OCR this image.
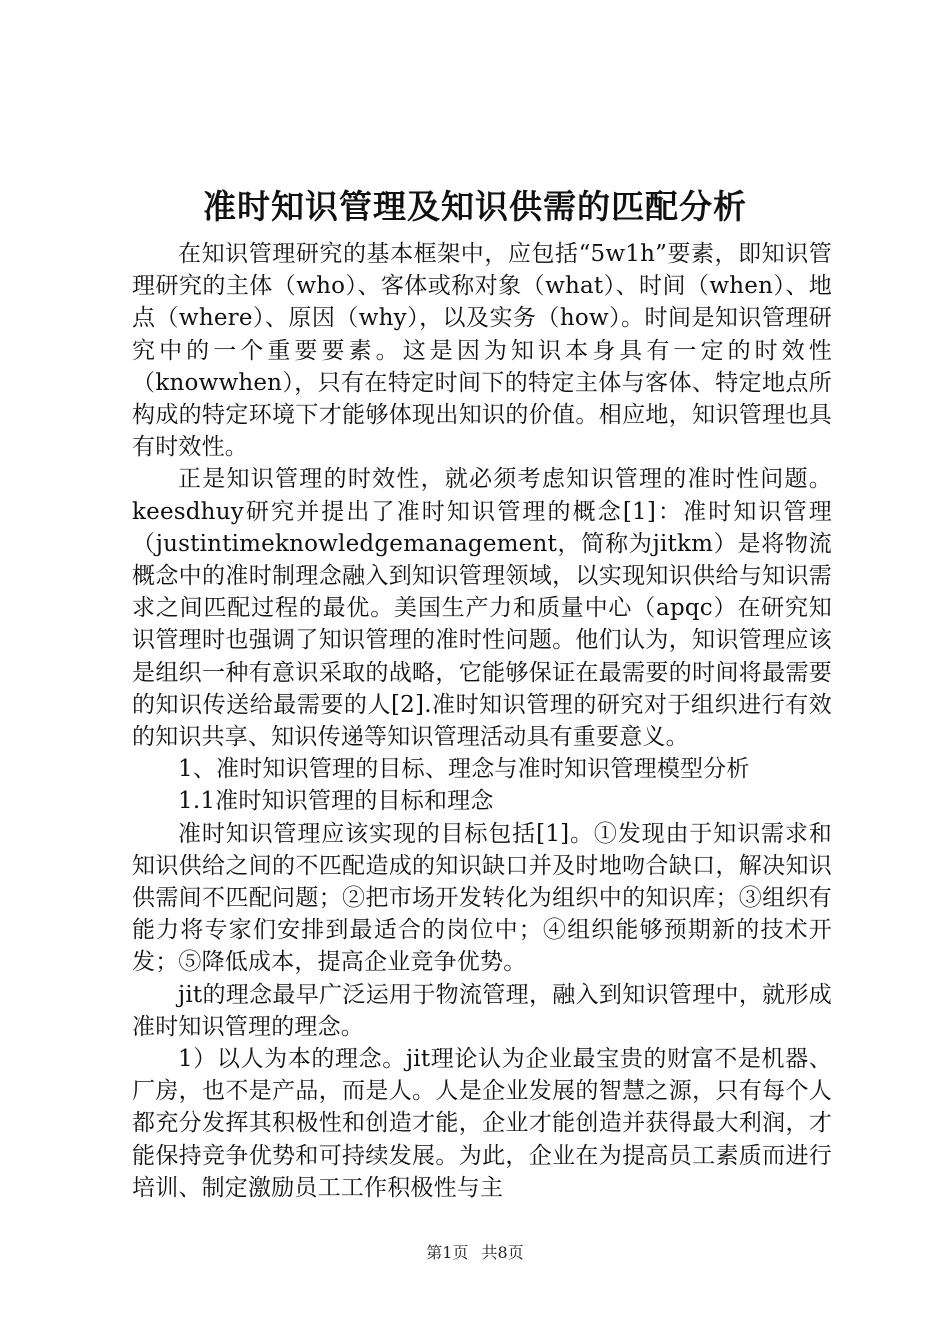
准时知识管理及知识供需的匹配分析

在知识管理研究的基本框架中，应包括“5w1h”要素，即知识管理研究的主体（who）、客体或称对象（what）、时间（when）、地点（where）、原因（why），以及实务（how）。时间是知识管理研究中的一个重要要素。这是因为知识本身具有一定的时效性（knowwhen），只有在特定时间下的特定主体与客体、特定地点所构成的特定环境下才能够体现出知识的价值。相应地，知识管理也具有时效性。

正是知识管理的时效性，就必须考虑知识管理的准时性问题。keesdhuy研究并提出了准时知识管理的概念[1]：准时知识管理（justintimeknowledgemanagement，简称为jitkm）是将物流概念中的准时制理念融入到知识管理领域，以实现知识供给与知识需求之间匹配过程的最优。美国生产力和质量中心（apqc）在研究知识管理时也强调了知识管理的准时性问题。他们认为，知识管理应该是组织一种有意识采取的战略，它能够保证在最需要的时间将最需要的知识传送给最需要的人[2].准时知识管理的研究对于组织进行有效的知识共享、知识传递等知识管理活动具有重要意义。

1、准时知识管理的目标、理念与准时知识管理模型分析

1.1准时知识管理的目标和理念

准时知识管理应该实现的目标包括[1]。①发现由于知识需求和知识供给之间的不匹配造成的知识缺口并及时地吻合缺口，解决知识供需间不匹配问题；②把市场开发转化为组织中的知识库；③组织有能力将专家们安排到最适合的岗位中；④组织能够预期新的技术开发；⑤降低成本，提高企业竞争优势。

jit的理念最早广泛运用于物流管理，融入到知识管理中，就形成准时知识管理的理念。

1）以人为本的理念。jit理论认为企业最宝贵的财富不是机器、厂房，也不是产品，而是人。人是企业发展的智慧之源，只有每个人都充分发挥其积极性和创造才能，企业才能创造并获得最大利润，才能保持竞争优势和可持续发展。为此，企业在为提高员工素质而进行培训、制定激励员工工作积极性与主

第1页 共8页
